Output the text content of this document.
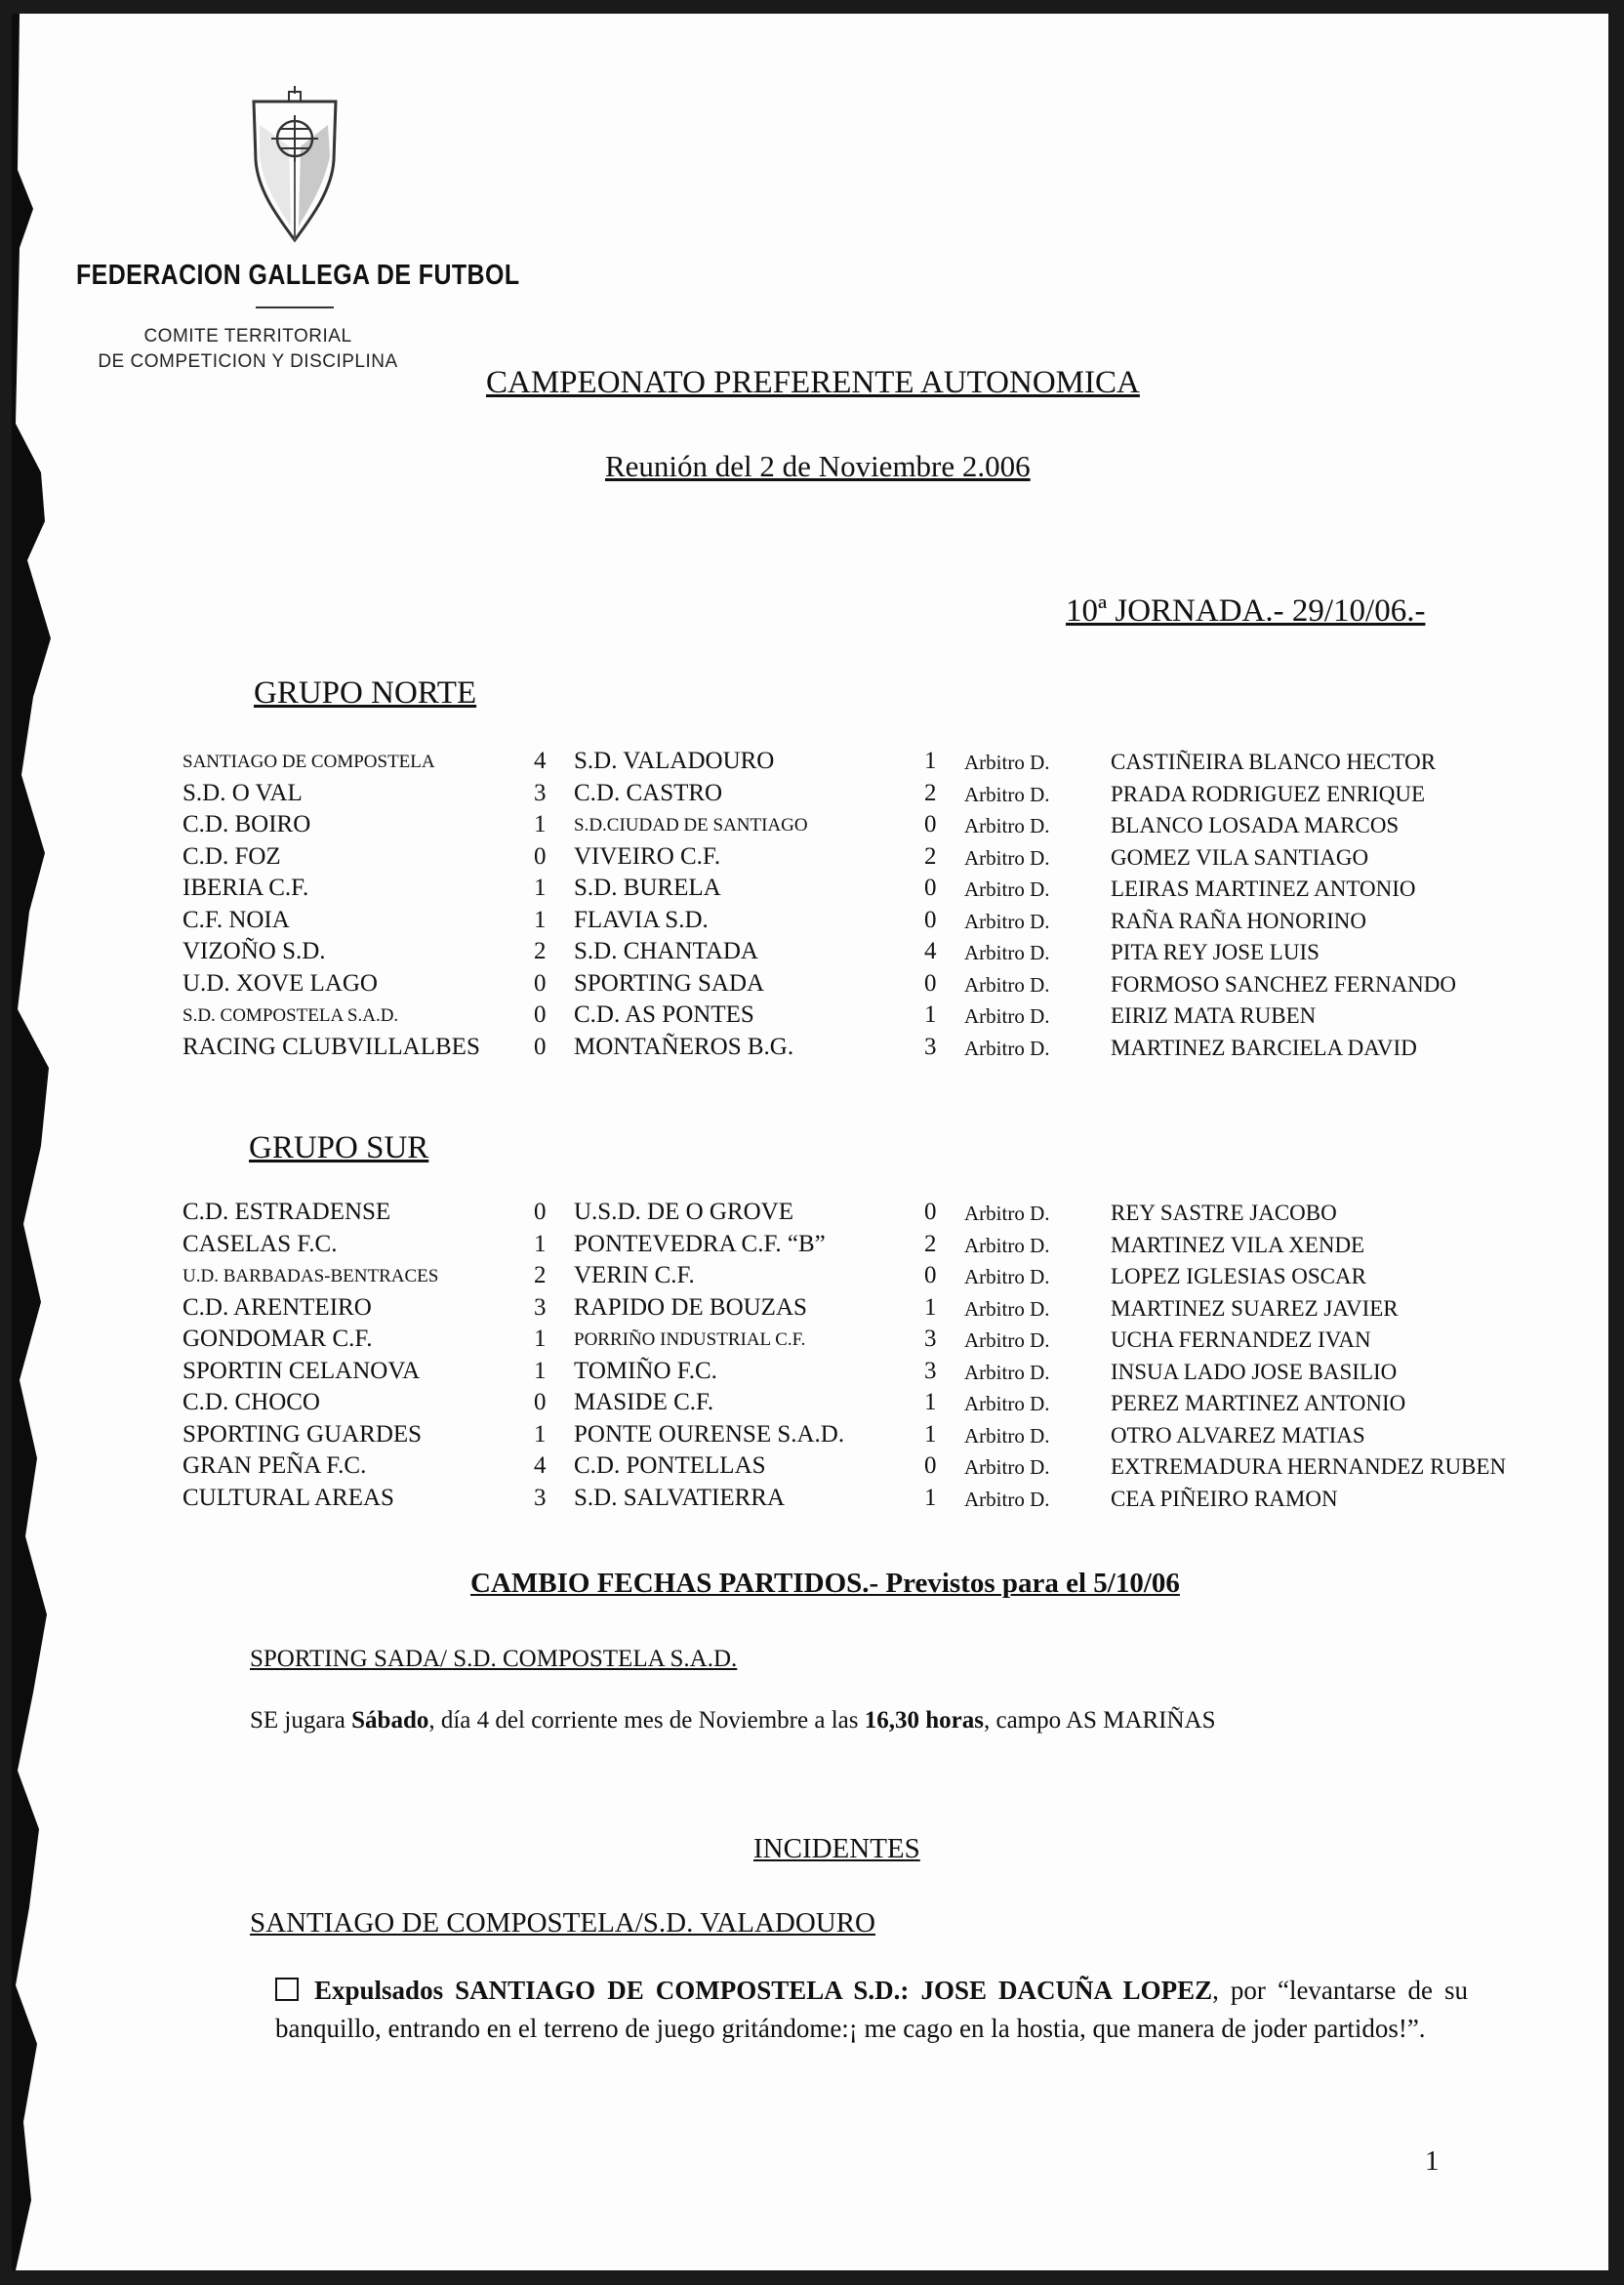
FEDERACION GALLEGA DE FUTBOL
COMITE TERRITORIAL
DE COMPETICION Y DISCIPLINA
CAMPEONATO PREFERENTE AUTONOMICA
Reunión del 2 de Noviembre 2.006
10ª JORNADA.- 29/10/06.-
GRUPO NORTE
SANTIAGO DE COMPOSTELA	4 S.D. VALADOURO	1 Arbitro D.	CASTIÑEIRA BLANCO HECTOR
S.D. O VAL	3 C.D. CASTRO	2 Arbitro D.	PRADA RODRIGUEZ ENRIQUE
C.D. BOIRO	1 S.D.CIUDAD DE SANTIAGO	0 Arbitro D.	BLANCO LOSADA MARCOS
C.D. FOZ	0 VIVEIRO C.F.	2 Arbitro D.	GOMEZ VILA SANTIAGO
IBERIA C.F.	1 S.D. BURELA	0 Arbitro D.	LEIRAS MARTINEZ ANTONIO
C.F. NOIA	1 FLAVIA S.D.	0 Arbitro D.	RAÑA RAÑA HONORINO
VIZOÑO S.D.	2 S.D. CHANTADA	4 Arbitro D.	PITA REY JOSE LUIS
U.D. XOVE LAGO	0 SPORTING SADA	0 Arbitro D.	FORMOSO SANCHEZ FERNANDO
S.D. COMPOSTELA S.A.D.	0 C.D. AS PONTES	1 Arbitro D.	EIRIZ MATA RUBEN
RACING CLUBVILLALBES 0 MONTAÑEROS B.G.	3 Arbitro D.	MARTINEZ BARCIELA DAVID
GRUPO SUR
C.D. ESTRADENSE	0 U.S.D. DE O GROVE	0 Arbitro D.	REY SASTRE JACOBO
CASELAS F.C.	1 PONTEVEDRA C.F. “B”	2 Arbitro D.	MARTINEZ VILA XENDE
U.D. BARBADAS-BENTRACES	2 VERIN C.F.	0 Arbitro D.	LOPEZ IGLESIAS OSCAR
C.D. ARENTEIRO	3 RAPIDO DE BOUZAS	1 Arbitro D.	MARTINEZ SUAREZ JAVIER
GONDOMAR C.F.	1 PORRIÑO INDUSTRIAL C.F.	3 Arbitro D.	UCHA FERNANDEZ IVAN
SPORTIN CELANOVA	1 TOMIÑO F.C.	3 Arbitro D.	INSUA LADO JOSE BASILIO
C.D. CHOCO	0 MASIDE C.F.	1 Arbitro D.	PEREZ MARTINEZ ANTONIO
SPORTING GUARDES	1 PONTE OURENSE S.A.D.	1 Arbitro D.	OTRO ALVAREZ MATIAS
GRAN PEÑA F.C.	4 C.D. PONTELLAS	0 Arbitro D.	EXTREMADURA HERNANDEZ RUBEN
CULTURAL AREAS	3 S.D. SALVATIERRA	1 Arbitro D.	CEA PIÑEIRO RAMON
CAMBIO FECHAS PARTIDOS.- Previstos para el 5/10/06
SPORTING SADA/ S.D. COMPOSTELA S.A.D.
SE jugara Sábado, día 4 del corriente mes de Noviembre a las 16,30 horas, campo AS MARIÑAS
INCIDENTES
SANTIAGO DE COMPOSTELA/S.D. VALADOURO
Expulsados SANTIAGO DE COMPOSTELA S.D.: JOSE DACUÑA LOPEZ, por “levantarse de su banquillo, entrando en el terreno de juego gritándome:¡ me cago en la hostia, que manera de joder partidos!”.
1
